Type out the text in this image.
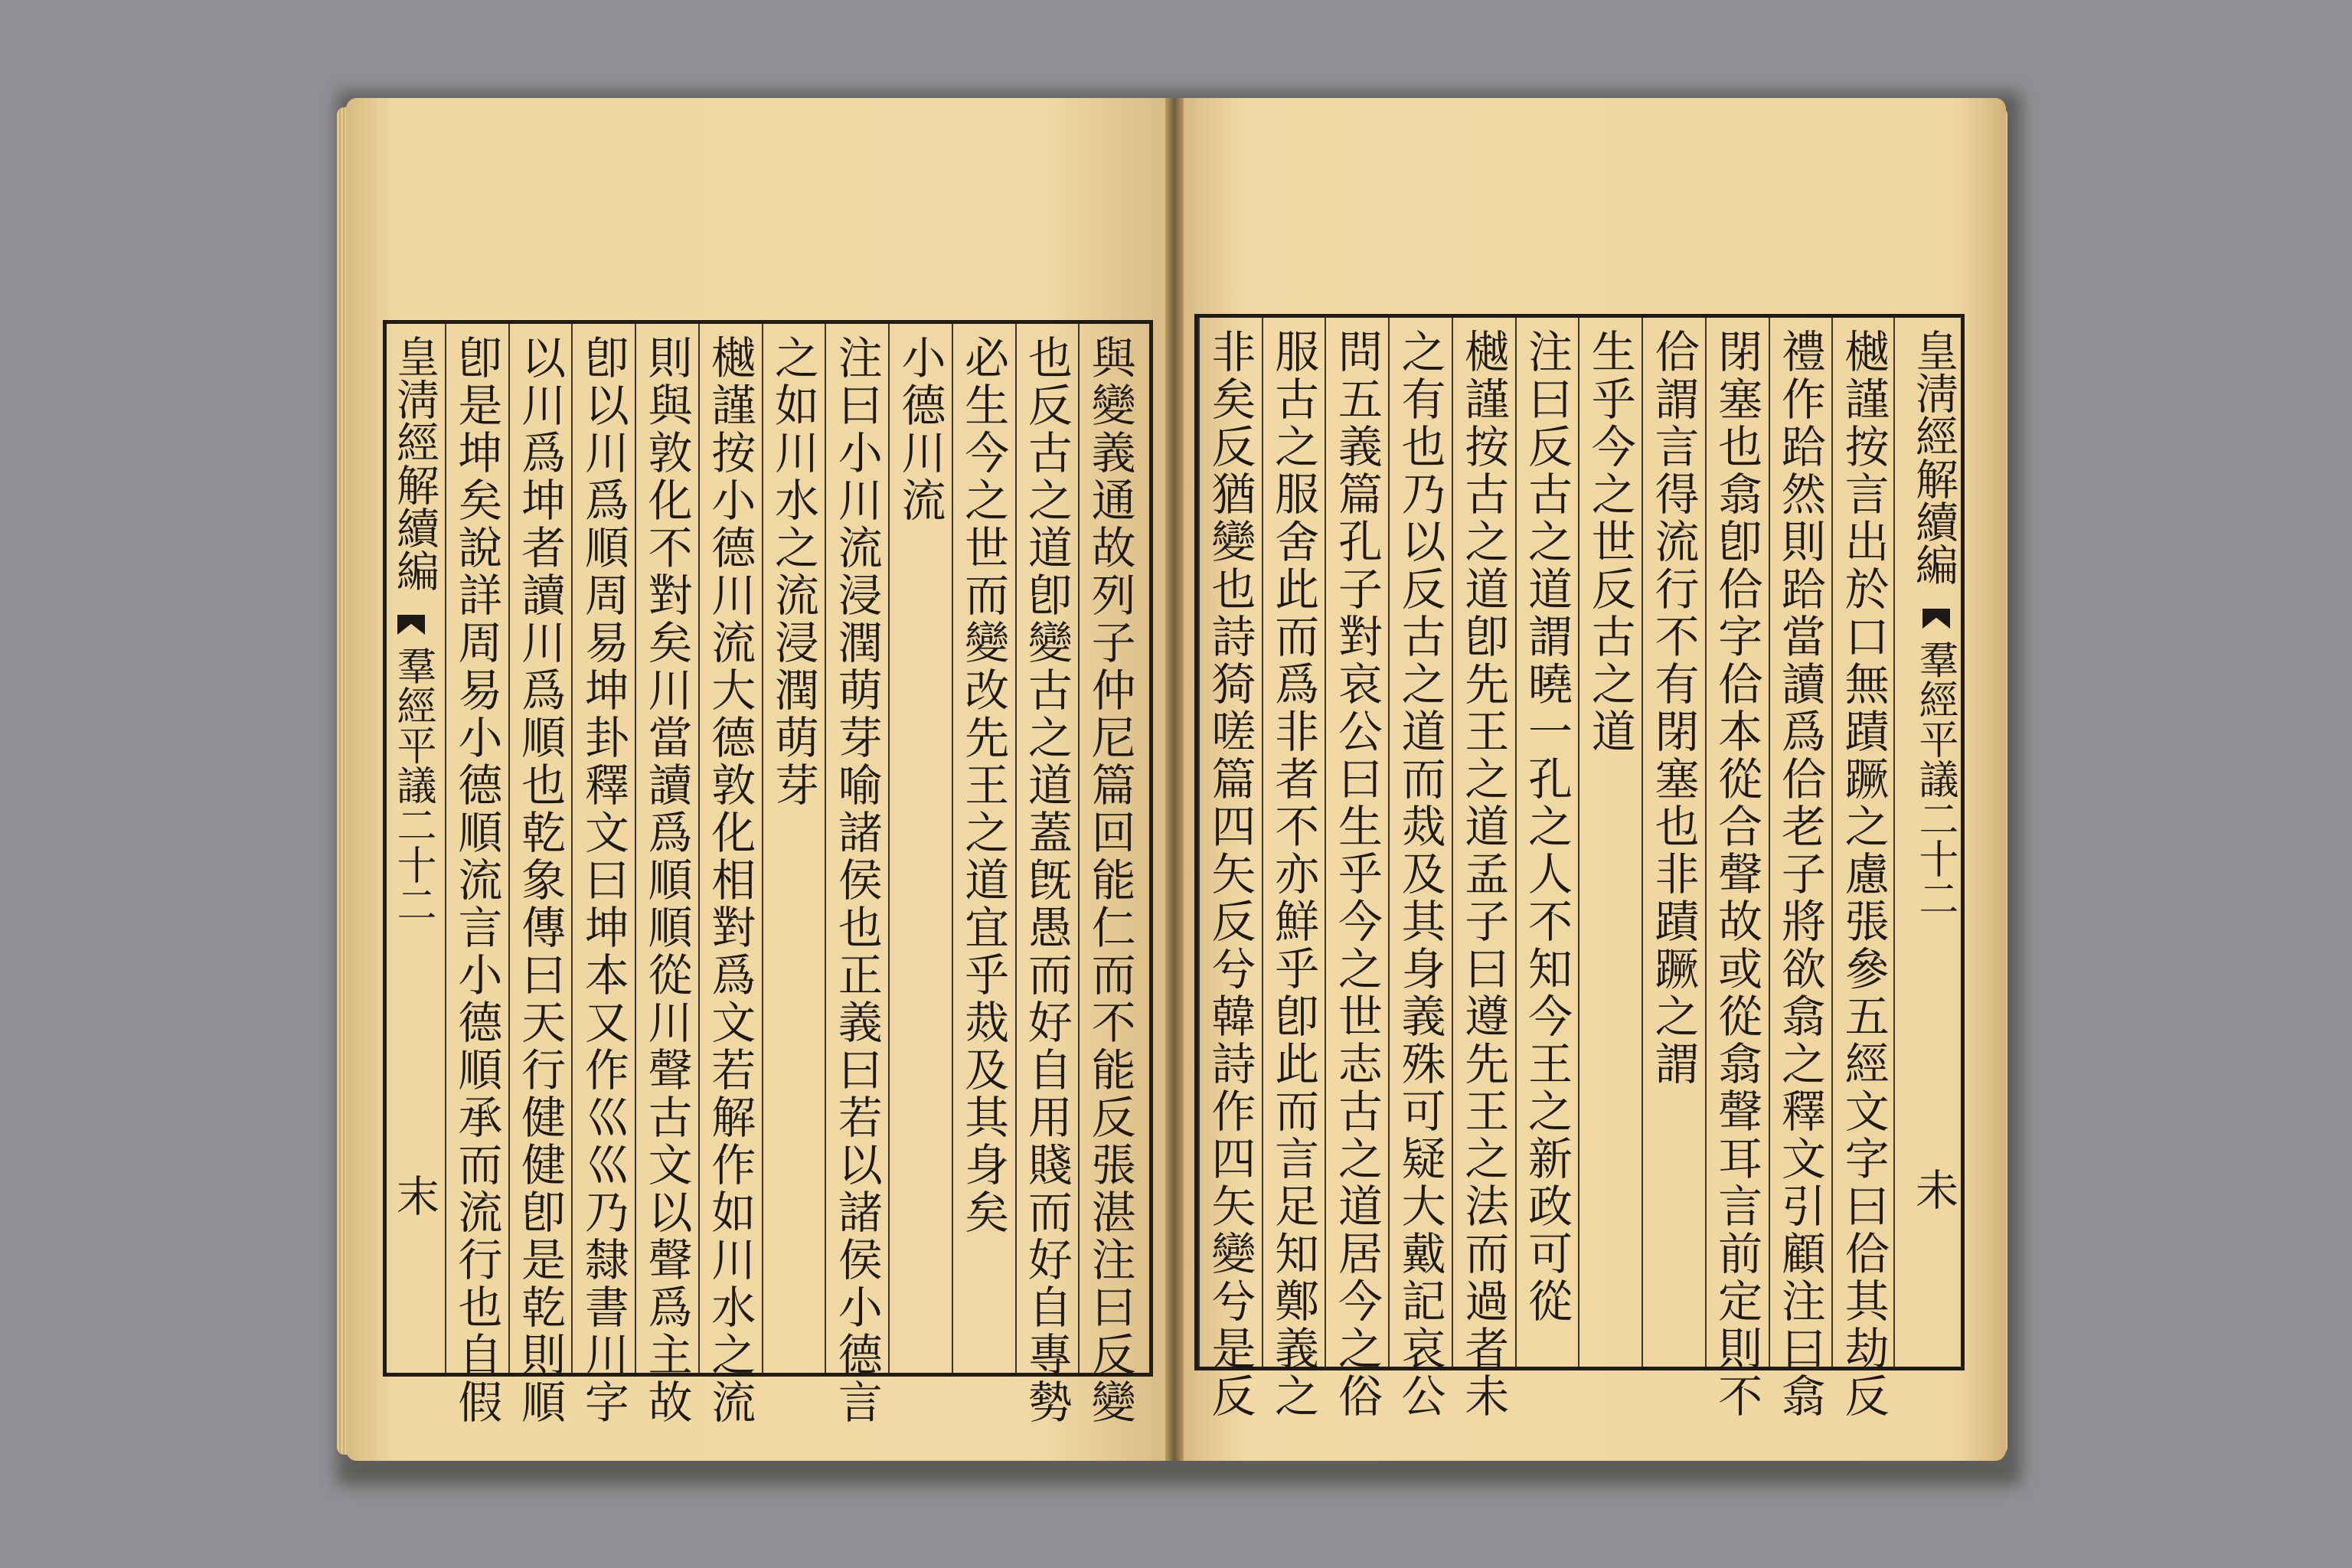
皇淸經解續編
羣經平議二十二
末	與變義通故列子仲尼篇回能仁而不能反張湛注曰反變
也反古之道卽變古之道蓋旣愚而好自用賤而好自專勢
必生今之世而變改先王之道宜乎烖及其身矣
小德川流
注曰小川流浸潤萌芽喻諸侯也正義曰若以諸侯小德言
之如川水之流浸潤萌芽
樾謹按小德川流大德敦化相對爲文若解作如川水之流
則與敦化不對矣川當讀爲順順從川聲古文以聲爲主故
卽以川爲順周易坤卦釋文曰坤本又作巛巛乃隸書川字
以川爲坤者讀川爲順也乾象傳曰天行健健卽是乾則順
卽是坤矣說詳周易小德順流言小德順承而流行也自假	樾謹按言出於口無蹟蹶之慮張參五經文字曰佮其劫反
禮作跲然則跲當讀爲佮老子將欲翕之釋文引顧注曰翕
閉塞也翕卽佮字佮本從合聲故或從翕聲耳言前定則不
佮謂言得流行不有閉塞也非蹟蹶之謂
生乎今之世反古之道
注曰反古之道謂曉一孔之人不知今王之新政可從
樾謹按古之道卽先王之道孟子曰遵先王之法而過者未
之有也乃以反古之道而烖及其身義殊可疑大戴記哀公
問五義篇孔子對哀公曰生乎今之世志古之道居今之俗
服古之服舍此而爲非者不亦鮮乎卽此而言足知鄭義之
非矣反猶變也詩猗嗟篇四矢反兮韓詩作四矢變兮是反	皇淸經解續編
羣經平議二十二
未
